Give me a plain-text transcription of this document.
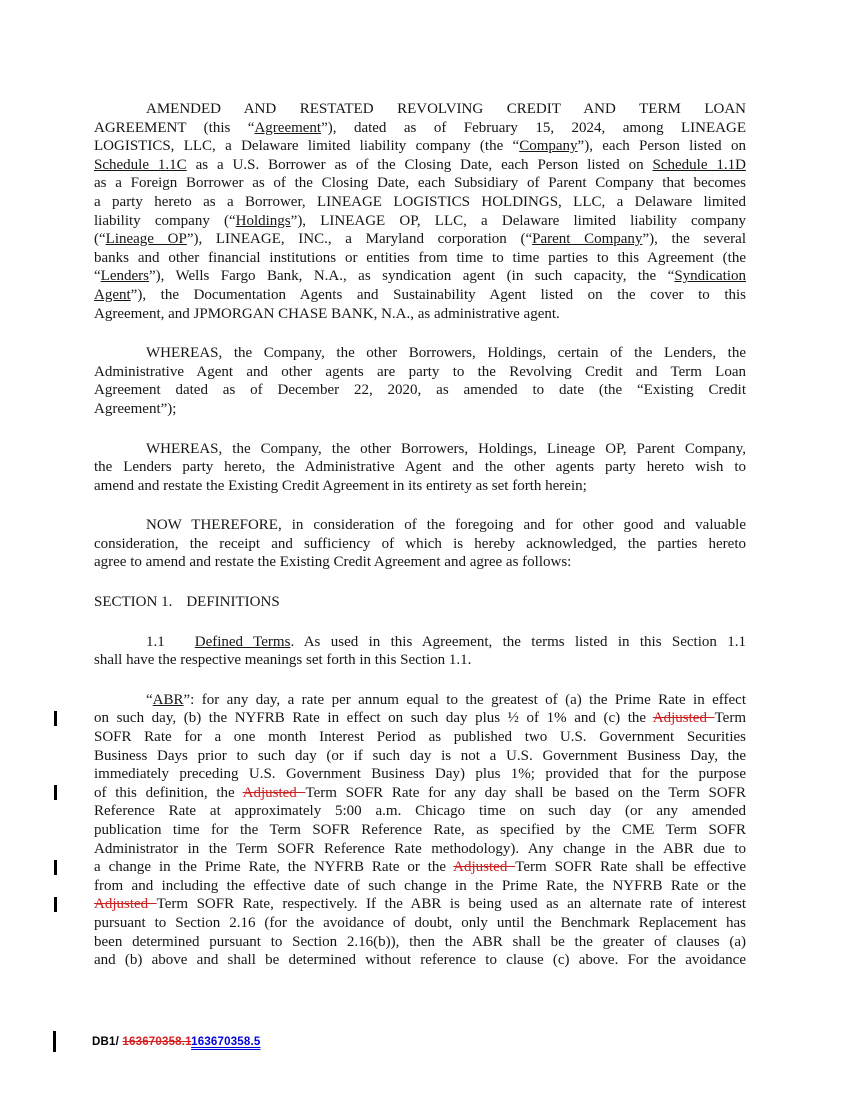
AMENDED AND RESTATED REVOLVING CREDIT AND TERM LOAN
AGREEMENT (this “Agreement”), dated as of February 15, 2024, among LINEAGE
LOGISTICS, LLC, a Delaware limited liability company (the “Company”), each Person listed on
Schedule 1.1C as a U.S. Borrower as of the Closing Date, each Person listed on Schedule 1.1D
as a Foreign Borrower as of the Closing Date, each Subsidiary of Parent Company that becomes
a party hereto as a Borrower, LINEAGE LOGISTICS HOLDINGS, LLC, a Delaware limited
liability company (“Holdings”), LINEAGE OP, LLC, a Delaware limited liability company
(“Lineage OP”), LINEAGE, INC., a Maryland corporation (“Parent Company”), the several
banks and other financial institutions or entities from time to time parties to this Agreement (the
“Lenders”), Wells Fargo Bank, N.A., as syndication agent (in such capacity, the “Syndication
Agent”), the Documentation Agents and Sustainability Agent listed on the cover to this
Agreement, and JPMORGAN CHASE BANK, N.A., as administrative agent.
WHEREAS, the Company, the other Borrowers, Holdings, certain of the Lenders, the
Administrative Agent and other agents are party to the Revolving Credit and Term Loan
Agreement dated as of December 22, 2020, as amended to date (the “Existing Credit
Agreement”);
WHEREAS, the Company, the other Borrowers, Holdings, Lineage OP, Parent Company,
the Lenders party hereto, the Administrative Agent and the other agents party hereto wish to
amend and restate the Existing Credit Agreement in its entirety as set forth herein;
NOW THEREFORE, in consideration of the foregoing and for other good and valuable
consideration, the receipt and sufficiency of which is hereby acknowledged, the parties hereto
agree to amend and restate the Existing Credit Agreement and agree as follows:
SECTION 1. DEFINITIONS
1.1 Defined Terms. As used in this Agreement, the terms listed in this Section 1.1
shall have the respective meanings set forth in this Section 1.1.
“ABR”: for any day, a rate per annum equal to the greatest of (a) the Prime Rate in effect
on such day, (b) the NYFRB Rate in effect on such day plus ½ of 1% and (c) the Adjusted Term
SOFR Rate for a one month Interest Period as published two U.S. Government Securities
Business Days prior to such day (or if such day is not a U.S. Government Business Day, the
immediately preceding U.S. Government Business Day) plus 1%; provided that for the purpose
of this definition, the Adjusted Term SOFR Rate for any day shall be based on the Term SOFR
Reference Rate at approximately 5:00 a.m. Chicago time on such day (or any amended
publication time for the Term SOFR Reference Rate, as specified by the CME Term SOFR
Administrator in the Term SOFR Reference Rate methodology). Any change in the ABR due to
a change in the Prime Rate, the NYFRB Rate or the Adjusted Term SOFR Rate shall be effective
from and including the effective date of such change in the Prime Rate, the NYFRB Rate or the
Adjusted Term SOFR Rate, respectively. If the ABR is being used as an alternate rate of interest
pursuant to Section 2.16 (for the avoidance of doubt, only until the Benchmark Replacement has
been determined pursuant to Section 2.16(b)), then the ABR shall be the greater of clauses (a)
and (b) above and shall be determined without reference to clause (c) above. For the avoidance
DB1/ 163670358.1163670358.5
